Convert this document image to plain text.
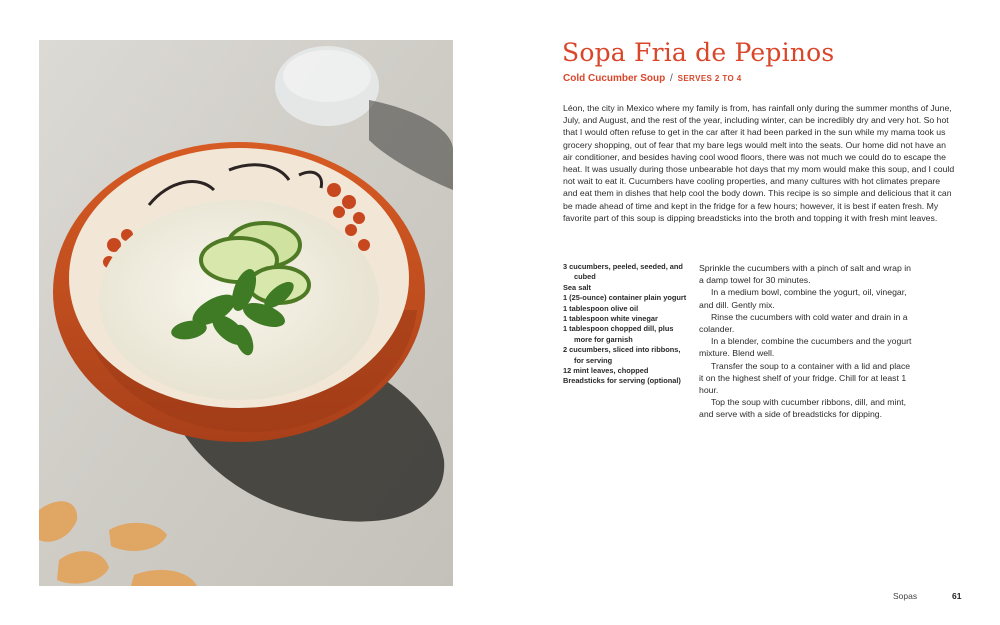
Sopa Fria de Pepinos
Cold Cucumber Soup / SERVES 2 TO 4

Léon, the city in Mexico where my family is from, has rainfall only during the summer months of June, July, and August, and the rest of the year, including winter, can be incredibly dry and very hot. So hot that I would often refuse to get in the car after it had been parked in the sun while my mama took us grocery shopping, out of fear that my bare legs would melt into the seats. Our home did not have an air conditioner, and besides having cool wood floors, there was not much we could do to escape the heat. It was usually during those unbearable hot days that my mom would make this soup, and I could not wait to eat it. Cucumbers have cooling properties, and many cultures with hot climates prepare and eat them in dishes that help cool the body down. This recipe is so simple and delicious that it can be made ahead of time and kept in the fridge for a few hours; however, it is best if eaten fresh. My favorite part of this soup is dipping breadsticks into the broth and topping it with fresh mint leaves.

3 cucumbers, peeled, seeded, and cubed
Sea salt
1 (25-ounce) container plain yogurt
1 tablespoon olive oil
1 tablespoon white vinegar
1 tablespoon chopped dill, plus more for garnish
2 cucumbers, sliced into ribbons, for serving
12 mint leaves, chopped
Breadsticks for serving (optional)

Sprinkle the cucumbers with a pinch of salt and wrap in a damp towel for 30 minutes.

In a medium bowl, combine the yogurt, oil, vinegar, and dill. Gently mix.

Rinse the cucumbers with cold water and drain in a colander.

In a blender, combine the cucumbers and the yogurt mixture. Blend well.

Transfer the soup to a container with a lid and place it on the highest shelf of your fridge. Chill for at least 1 hour.

Top the soup with cucumber ribbons, dill, and mint, and serve with a side of breadsticks for dipping.

Sopas	61
